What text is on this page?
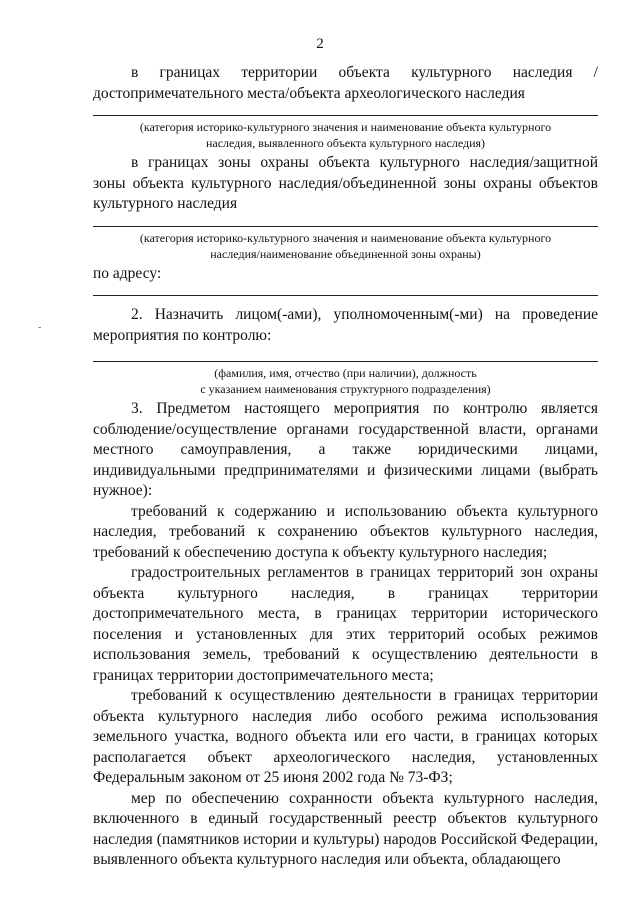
2
-

в границах территории объекта культурного наследия /достопримечательного места/объекта археологического наследия

(категория историко-культурного значения и наименование объекта культурного
наследия, выявленного объекта культурного наследия)

в границах зоны охраны объекта культурного наследия/защитной зоны объекта культурного наследия/объединенной зоны охраны объектов культурного наследия

(категория историко-культурного значения и наименование объекта культурного
наследия/наименование объединенной зоны охраны)

по адресу:

2. Назначить лицом(-ами), уполномоченным(-ми) на проведение мероприятия по контролю:

(фамилия, имя, отчество (при наличии), должность
с указанием наименования структурного подразделения)

3. Предметом настоящего мероприятия по контролю является соблюдение/осуществление органами государственной власти, органами местного самоуправления, а также юридическими лицами, индивидуальными предпринимателями и физическими лицами (выбрать нужное):

требований к содержанию и использованию объекта культурного наследия, требований к сохранению объектов культурного наследия, требований к обеспечению доступа к объекту культурного наследия;

градостроительных регламентов в границах территорий зон охраны объекта культурного наследия, в границах территории достопримечательного места, в границах территории исторического поселения и установленных для этих территорий особых режимов использования земель, требований к осуществлению деятельности в границах территории достопримечательного места;

требований к осуществлению деятельности в границах территории объекта культурного наследия либо особого режима использования земельного участка, водного объекта или его части, в границах которых располагается объект археологического наследия, установленных Федеральным законом от 25 июня 2002 года № 73-ФЗ;

мер по обеспечению сохранности объекта культурного наследия, включенного в единый государственный реестр объектов культурного наследия (памятников истории и культуры) народов Российской Федерации, выявленного объекта культурного наследия или объекта, обладающего
